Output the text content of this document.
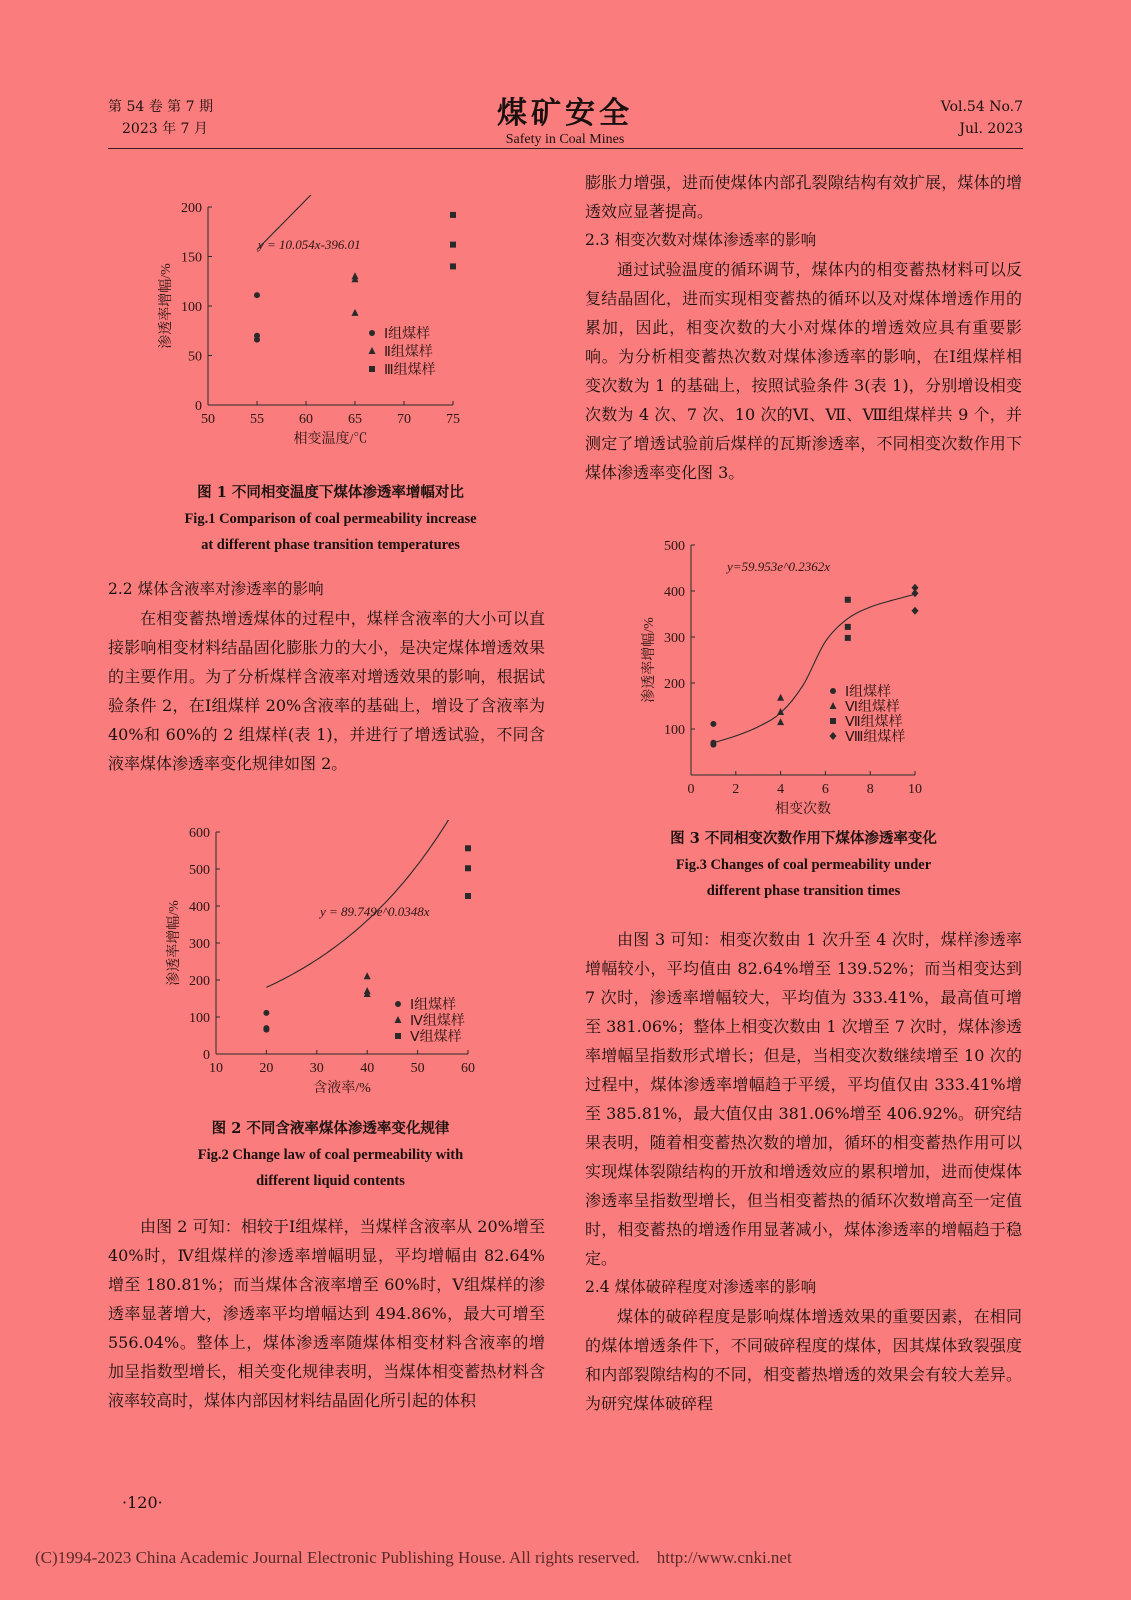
第 54 卷 第 7 期
2023 年 7 月	煤矿安全
Safety in Coal Mines
Vol.54 No.7
Jul. 2023
0
50
100
150
200
50	55	60	65	70	75
相变温度/℃
渗透率增幅/%
y = 10.054x-396.01
Ⅰ组煤样
Ⅱ组煤样
Ⅲ组煤样
图 1 不同相变温度下煤体渗透率增幅对比
Fig.1 Comparison of coal permeability increase
at different phase transition temperatures
2.2 煤体含液率对渗透率的影响

在相变蓄热增透煤体的过程中，煤样含液率的大小可以直接影响相变材料结晶固化膨胀力的大小，是决定煤体增透效果的主要作用。为了分析煤样含液率对增透效果的影响，根据试验条件 2，在Ⅰ组煤样 20%含液率的基础上，增设了含液率为 40%和 60%的 2 组煤样(表 1)，并进行了增透试验，不同含液率煤体渗透率变化规律如图 2。

0
100
200
300
400
500
600
10	20	30	40	50	60
含液率/%
渗透率增幅/%	y = 89.749e^0.0348x
Ⅰ组煤样
Ⅳ组煤样
Ⅴ组煤样
图 2 不同含液率煤体渗透率变化规律
Fig.2 Change law of coal permeability with
different liquid contents

由图 2 可知：相较于Ⅰ组煤样，当煤样含液率从 20%增至 40%时，Ⅳ组煤样的渗透率增幅明显，平均增幅由 82.64%增至 180.81%；而当煤体含液率增至 60%时，Ⅴ组煤样的渗透率显著增大，渗透率平均增幅达到 494.86%，最大可增至 556.04%。整体上，煤体渗透率随煤体相变材料含液率的增加呈指数型增长，相关变化规律表明，当煤体相变蓄热材料含液率较高时，煤体内部因材料结晶固化所引起的体积

膨胀力增强，进而使煤体内部孔裂隙结构有效扩展，煤体的增透效应显著提高。

2.3 相变次数对煤体渗透率的影响

通过试验温度的循环调节，煤体内的相变蓄热材料可以反复结晶固化，进而实现相变蓄热的循环以及对煤体增透作用的累加，因此，相变次数的大小对煤体的增透效应具有重要影响。为分析相变蓄热次数对煤体渗透率的影响，在Ⅰ组煤样相变次数为 1 的基础上，按照试验条件 3(表 1)，分别增设相变次数为 4 次、7 次、10 次的Ⅵ、Ⅶ、Ⅷ组煤样共 9 个，并测定了增透试验前后煤样的瓦斯渗透率，不同相变次数作用下煤体渗透率变化图 3。

100
200
300
400
500
0	2	4	6	8 10
相变次数
渗透率增幅/%
y=59.953e^0.2362x
Ⅰ组煤样
Ⅵ组煤样
Ⅶ组煤样
Ⅷ组煤样
图 3 不同相变次数作用下煤体渗透率变化
Fig.3 Changes of coal permeability under
different phase transition times

由图 3 可知：相变次数由 1 次升至 4 次时，煤样渗透率增幅较小，平均值由 82.64%增至 139.52%；而当相变达到 7 次时，渗透率增幅较大，平均值为 333.41%，最高值可增至 381.06%；整体上相变次数由 1 次增至 7 次时，煤体渗透率增幅呈指数形式增长；但是，当相变次数继续增至 10 次的过程中，煤体渗透率增幅趋于平缓，平均值仅由 333.41%增至 385.81%，最大值仅由 381.06%增至 406.92%。研究结果表明，随着相变蓄热次数的增加，循环的相变蓄热作用可以实现煤体裂隙结构的开放和增透效应的累积增加，进而使煤体渗透率呈指数型增长，但当相变蓄热的循环次数增高至一定值时，相变蓄热的增透作用显著减小，煤体渗透率的增幅趋于稳定。

2.4 煤体破碎程度对渗透率的影响

煤体的破碎程度是影响煤体增透效果的重要因素，在相同的煤体增透条件下，不同破碎程度的煤体，因其煤体致裂强度和内部裂隙结构的不同，相变蓄热增透的效果会有较大差异。为研究煤体破碎程

·120·
(C)1994-2023 China Academic Journal Electronic Publishing House. All rights reserved.    http://www.cnki.net
